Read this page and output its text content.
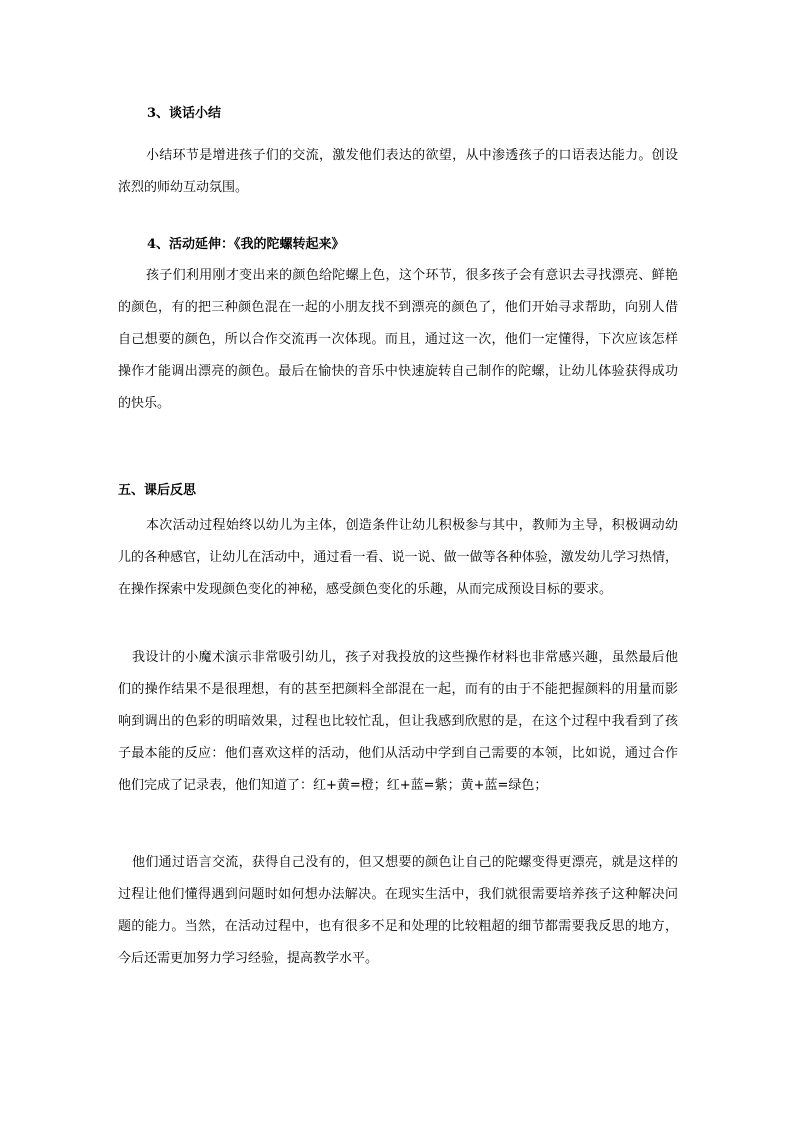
3、谈话小结
小结环节是增进孩子们的交流，激发他们表达的欲望，从中渗透孩子的口语表达能力。创设
浓烈的师幼互动氛围。
4、活动延伸：《我的陀螺转起来》
孩子们利用刚才变出来的颜色给陀螺上色，这个环节，很多孩子会有意识去寻找漂亮、鲜艳
的颜色，有的把三种颜色混在一起的小朋友找不到漂亮的颜色了，他们开始寻求帮助，向别人借
自己想要的颜色，所以合作交流再一次体现。而且，通过这一次，他们一定懂得，下次应该怎样
操作才能调出漂亮的颜色。最后在愉快的音乐中快速旋转自己制作的陀螺，让幼儿体验获得成功
的快乐。
五、课后反思
本次活动过程始终以幼儿为主体，创造条件让幼儿积极参与其中，教师为主导，积极调动幼
儿的各种感官，让幼儿在活动中，通过看一看、说一说、做一做等各种体验，激发幼儿学习热情，
在操作探索中发现颜色变化的神秘，感受颜色变化的乐趣，从而完成预设目标的要求。
我设计的小魔术演示非常吸引幼儿，孩子对我投放的这些操作材料也非常感兴趣，虽然最后他
们的操作结果不是很理想，有的甚至把颜料全部混在一起，而有的由于不能把握颜料的用量而影
响到调出的色彩的明暗效果，过程也比较忙乱，但让我感到欣慰的是，在这个过程中我看到了孩
子最本能的反应：他们喜欢这样的活动，他们从活动中学到自己需要的本领，比如说，通过合作
他们完成了记录表，他们知道了：红+黄=橙；红+蓝=紫；黄+蓝=绿色；
他们通过语言交流，获得自己没有的，但又想要的颜色让自己的陀螺变得更漂亮，就是这样的
过程让他们懂得遇到问题时如何想办法解决。在现实生活中，我们就很需要培养孩子这种解决问
题的能力。当然，在活动过程中，也有很多不足和处理的比较粗超的细节都需要我反思的地方，
今后还需更加努力学习经验，提高教学水平。
